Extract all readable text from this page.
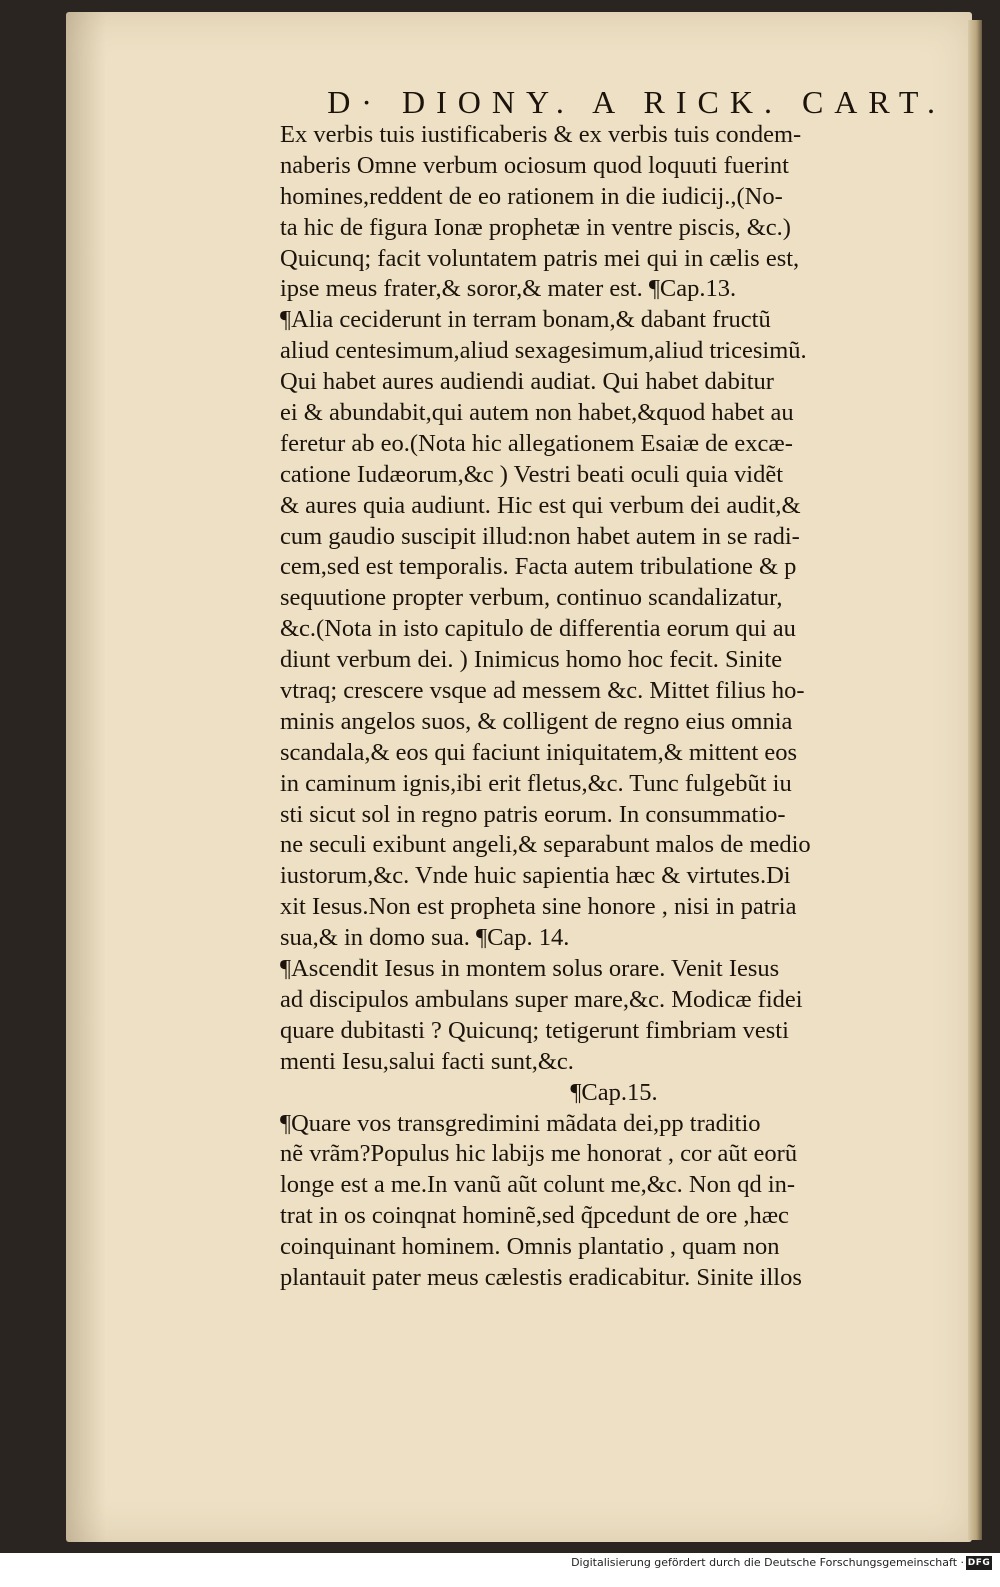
D· DIONY. A RICK. CART.
Ex verbis tuis iustificaberis & ex verbis tuis condem-
naberis Omne verbum ociosum quod loquuti fuerint
homines,reddent de eo rationem in die iudicij.,(No-
ta hic de figura Ionæ prophetæ in ventre piscis, &c.)
Quicunq; facit voluntatem patris mei qui in cælis est,
ipse meus frater,& soror,& mater est. ¶Cap.13.
¶Alia ceciderunt in terram bonam,& dabant fructũ
aliud centesimum,aliud sexagesimum,aliud tricesimũ.
Qui habet aures audiendi audiat. Qui habet dabitur
ei & abundabit,qui autem non habet,&quod habet au
feretur ab eo.(Nota hic allegationem Esaiæ de excæ-
catione Iudæorum,&c ) Vestri beati oculi quia vidẽt
& aures quia audiunt. Hic est qui verbum dei audit,&
cum gaudio suscipit illud:non habet autem in se radi-
cem,sed est temporalis. Facta autem tribulatione & p
sequutione propter verbum, continuo scandalizatur,
&c.(Nota in isto capitulo de differentia eorum qui au
diunt verbum dei. ) Inimicus homo hoc fecit. Sinite
vtraq; crescere vsque ad messem &c. Mittet filius ho-
minis angelos suos, & colligent de regno eius omnia
scandala,& eos qui faciunt iniquitatem,& mittent eos
in caminum ignis,ibi erit fletus,&c. Tunc fulgebũt iu
sti sicut sol in regno patris eorum. In consummatio-
ne seculi exibunt angeli,& separabunt malos de medio
iustorum,&c. Vnde huic sapientia hæc & virtutes.Di
xit Iesus.Non est propheta sine honore , nisi in patria
sua,& in domo sua. ¶Cap. 14.
¶Ascendit Iesus in montem solus orare. Venit Iesus
ad discipulos ambulans super mare,&c. Modicæ fidei
quare dubitasti ? Quicunq; tetigerunt fimbriam vesti
menti Iesu,salui facti sunt,&c.
¶Cap.15.
¶Quare vos transgredimini mãdata dei,pp traditio
nẽ vrãm?Populus hic labijs me honorat , cor aũt eorũ
longe est a me.In vanũ aũt colunt me,&c. Non qd in-
trat in os coinqnat hominẽ,sed q̃pcedunt de ore ,hæc
coinquinant hominem. Omnis plantatio , quam non
plantauit pater meus cælestis eradicabitur. Sinite illos
Digitalisierung gefördert durch die Deutsche Forschungsgemeinschaft · DFG
